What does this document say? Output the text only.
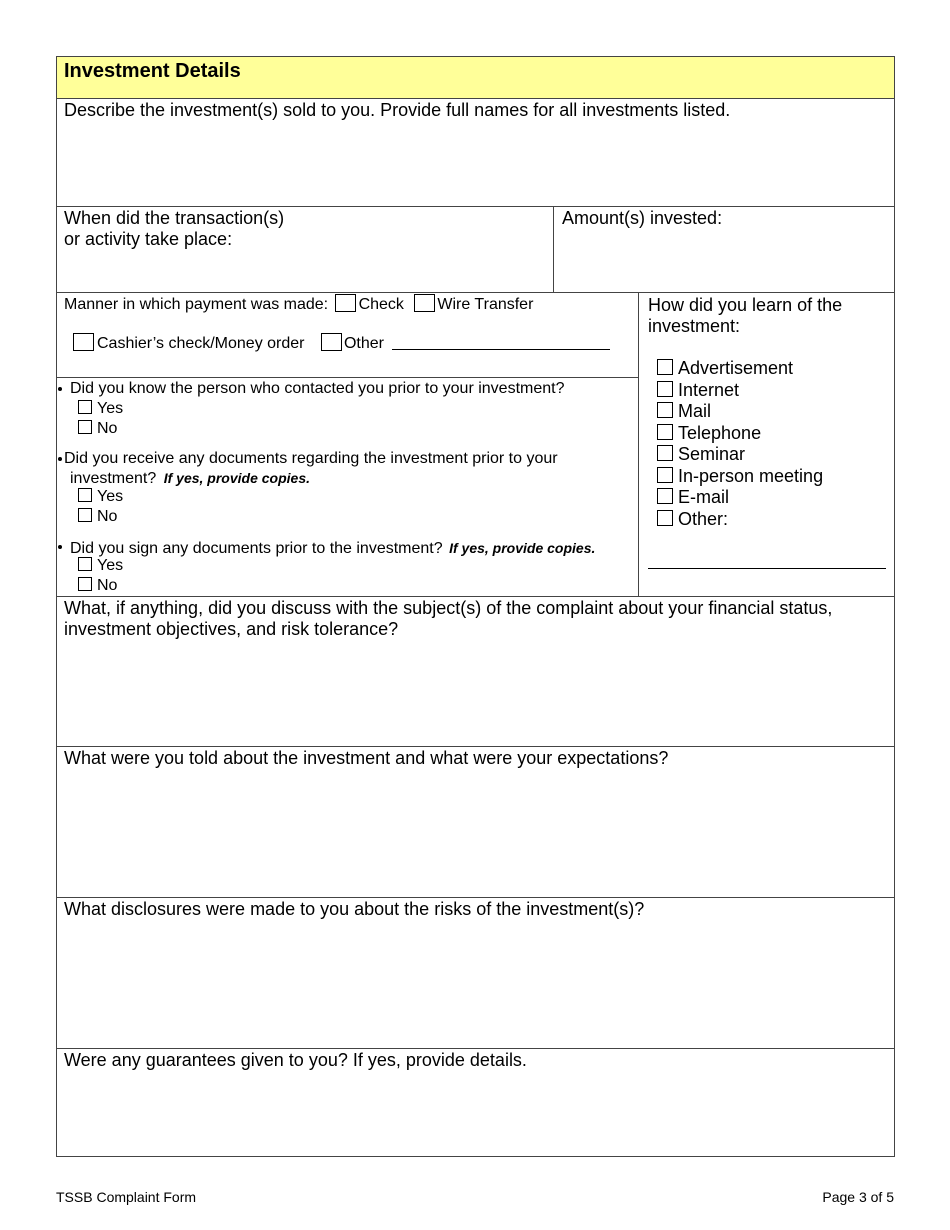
Investment Details
Describe the investment(s) sold to you. Provide full names for all investments listed.
When did the transaction(s)
or activity take place:
Amount(s) invested:
Manner in which payment was made: Check Wire Transfer
Cashier’s check/Money order Other
Did you know the person who contacted you prior to your investment?
Yes
No
Did you receive any documents regarding the investment prior to your
investment? If yes, provide copies.
Yes
No
Did you sign any documents prior to the investment? If yes, provide copies.
Yes
No
How did you learn of the
investment:
Advertisement
Internet
Mail
Telephone
Seminar
In-person meeting
E-mail
Other:
What, if anything, did you discuss with the subject(s) of the complaint about your financial status,
investment objectives, and risk tolerance?
What were you told about the investment and what were your expectations?
What disclosures were made to you about the risks of the investment(s)?
Were any guarantees given to you? If yes, provide details.
TSSB Complaint Form	Page 3 of 5
